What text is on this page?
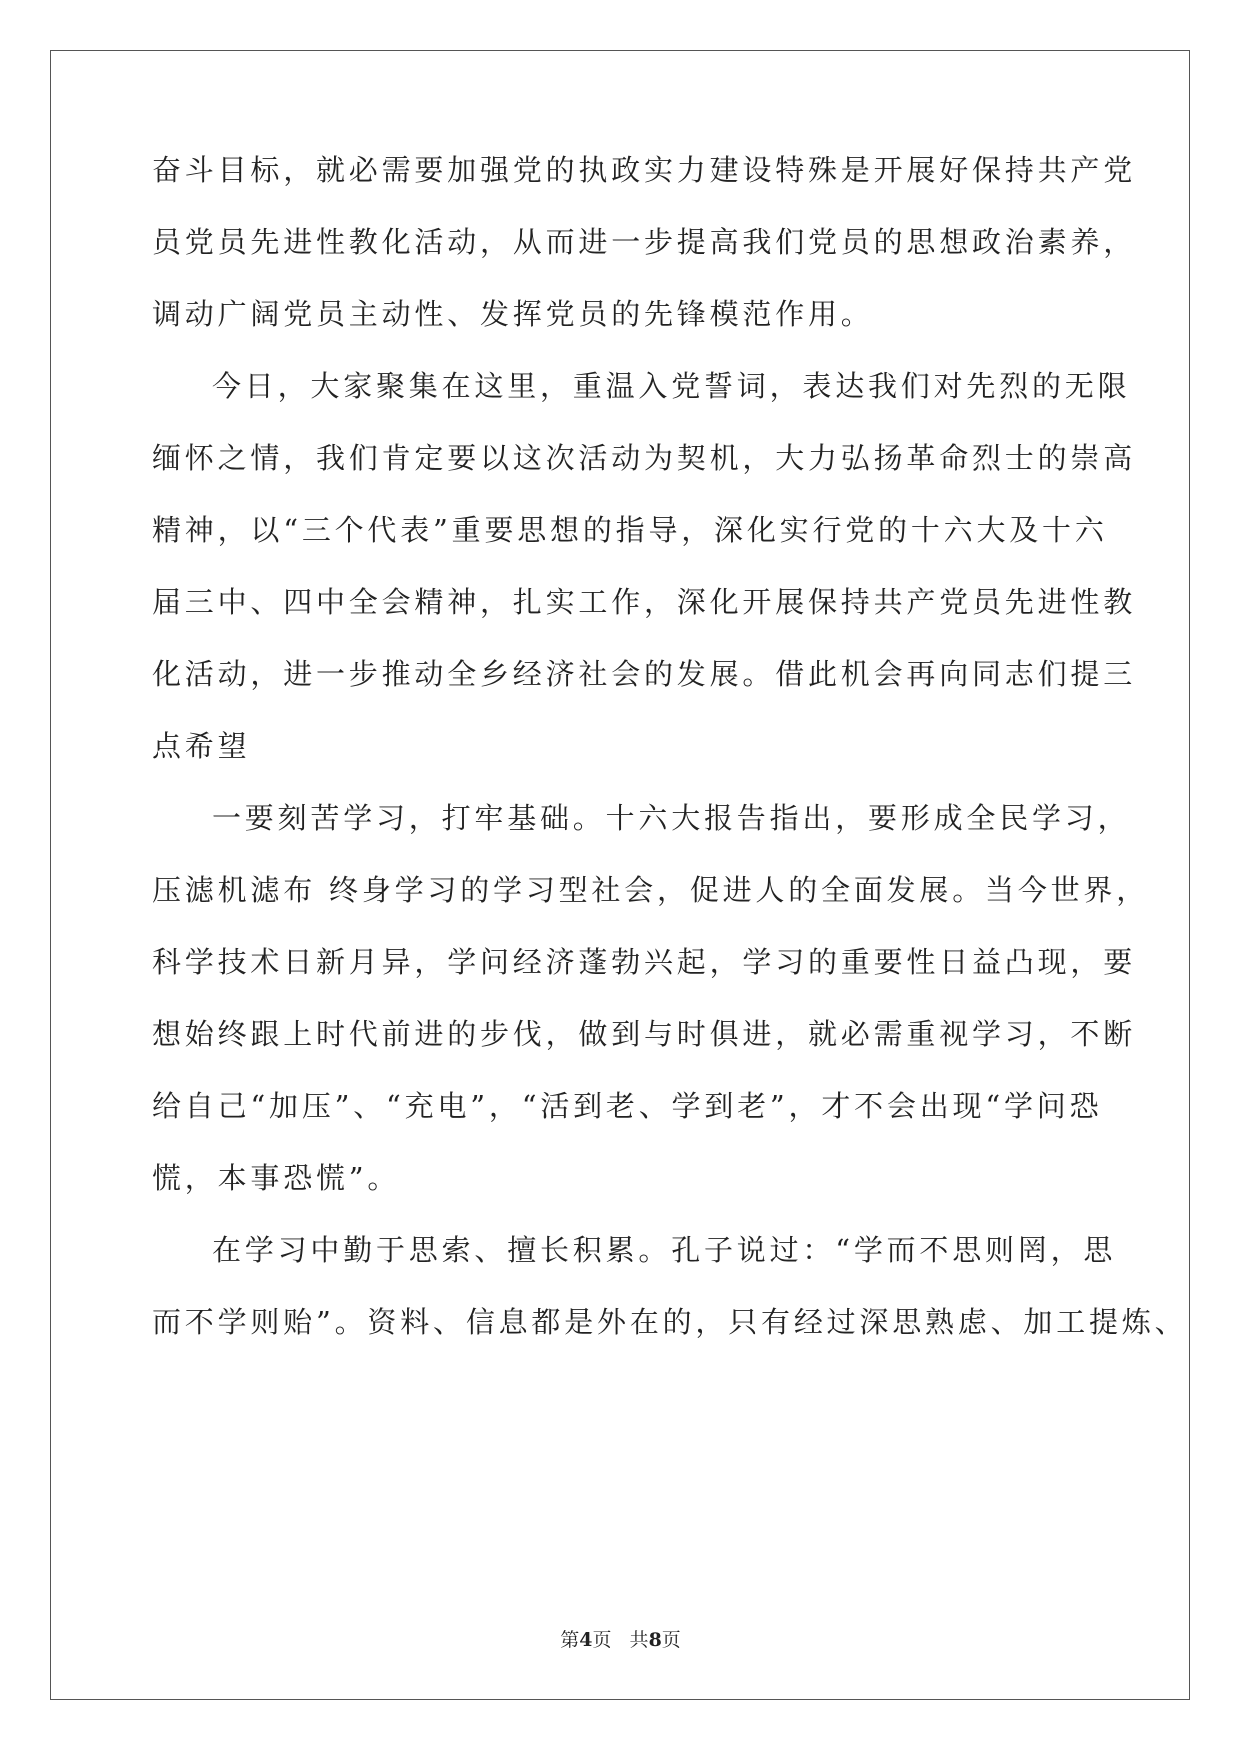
奋斗目标，就必需要加强党的执政实力建设特殊是开展好保持共产党
员党员先进性教化活动，从而进一步提高我们党员的思想政治素养，
调动广阔党员主动性、发挥党员的先锋模范作用。
今日，大家聚集在这里，重温入党誓词，表达我们对先烈的无限
缅怀之情，我们肯定要以这次活动为契机，大力弘扬革命烈士的崇高
精神，以“三个代表”重要思想的指导，深化实行党的十六大及十六
届三中、四中全会精神，扎实工作，深化开展保持共产党员先进性教
化活动，进一步推动全乡经济社会的发展。借此机会再向同志们提三
点希望
一要刻苦学习，打牢基础。十六大报告指出，要形成全民学习，
压滤机滤布 终身学习的学习型社会，促进人的全面发展。当今世界，
科学技术日新月异，学问经济蓬勃兴起，学习的重要性日益凸现，要
想始终跟上时代前进的步伐，做到与时俱进，就必需重视学习，不断
给自己“加压”、“充电”，“活到老、学到老”，才不会出现“学问恐
慌，本事恐慌”。
在学习中勤于思索、擅长积累。孔子说过：“学而不思则罔，思
而不学则贻”。资料、信息都是外在的，只有经过深思熟虑、加工提炼、
第4页   共8页
